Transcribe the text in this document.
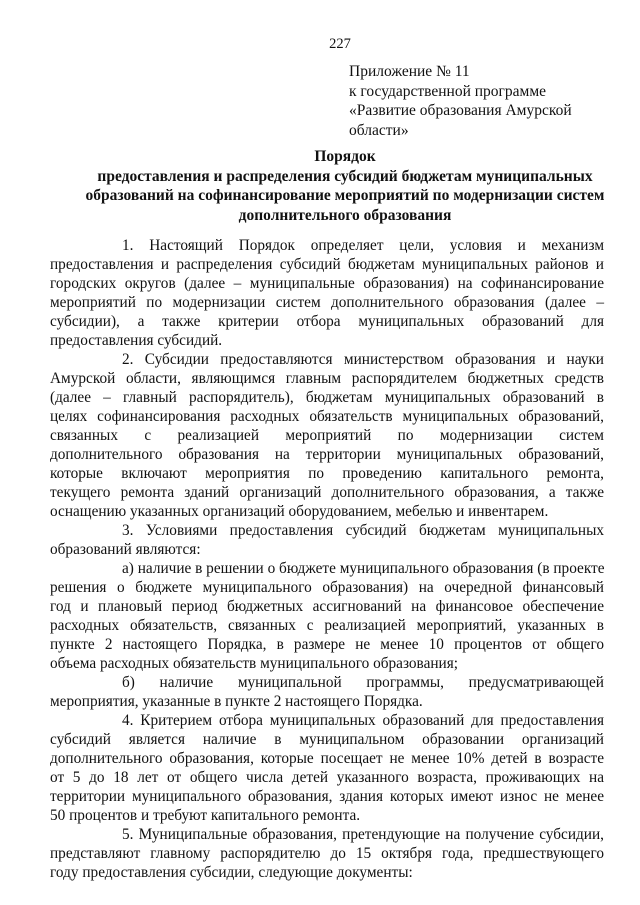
227
Приложение № 11
к государственной программе
«Развитие образования Амурской
области»
Порядок
предоставления и распределения субсидий бюджетам муниципальных
образований на софинансирование мероприятий по модернизации систем
дополнительного образования
1. Настоящий Порядок определяет цели, условия и механизм
предоставления и распределения субсидий бюджетам муниципальных районов и
городских округов (далее – муниципальные образования) на софинансирование
мероприятий по модернизации систем дополнительного образования (далее –
субсидии), а также критерии отбора муниципальных образований для
предоставления субсидий.
2. Субсидии предоставляются министерством образования и науки
Амурской области, являющимся главным распорядителем бюджетных средств
(далее – главный распорядитель), бюджетам муниципальных образований в
целях софинансирования расходных обязательств муниципальных образований,
связанных с реализацией мероприятий по модернизации систем
дополнительного образования на территории муниципальных образований,
которые включают мероприятия по проведению капитального ремонта,
текущего ремонта зданий организаций дополнительного образования, а также
оснащению указанных организаций оборудованием, мебелью и инвентарем.
3. Условиями предоставления субсидий бюджетам муниципальных
образований являются:
а) наличие в решении о бюджете муниципального образования (в проекте
решения о бюджете муниципального образования) на очередной финансовый
год и плановый период бюджетных ассигнований на финансовое обеспечение
расходных обязательств, связанных с реализацией мероприятий, указанных в
пункте 2 настоящего Порядка, в размере не менее 10 процентов от общего
объема расходных обязательств муниципального образования;
б) наличие муниципальной программы, предусматривающей
мероприятия, указанные в пункте 2 настоящего Порядка.
4. Критерием отбора муниципальных образований для предоставления
субсидий является наличие в муниципальном образовании организаций
дополнительного образования, которые посещает не менее 10% детей в возрасте
от 5 до 18 лет от общего числа детей указанного возраста, проживающих на
территории муниципального образования, здания которых имеют износ не менее
50 процентов и требуют капитального ремонта.
5. Муниципальные образования, претендующие на получение субсидии,
представляют главному распорядителю до 15 октября года, предшествующего
году предоставления субсидии, следующие документы:
